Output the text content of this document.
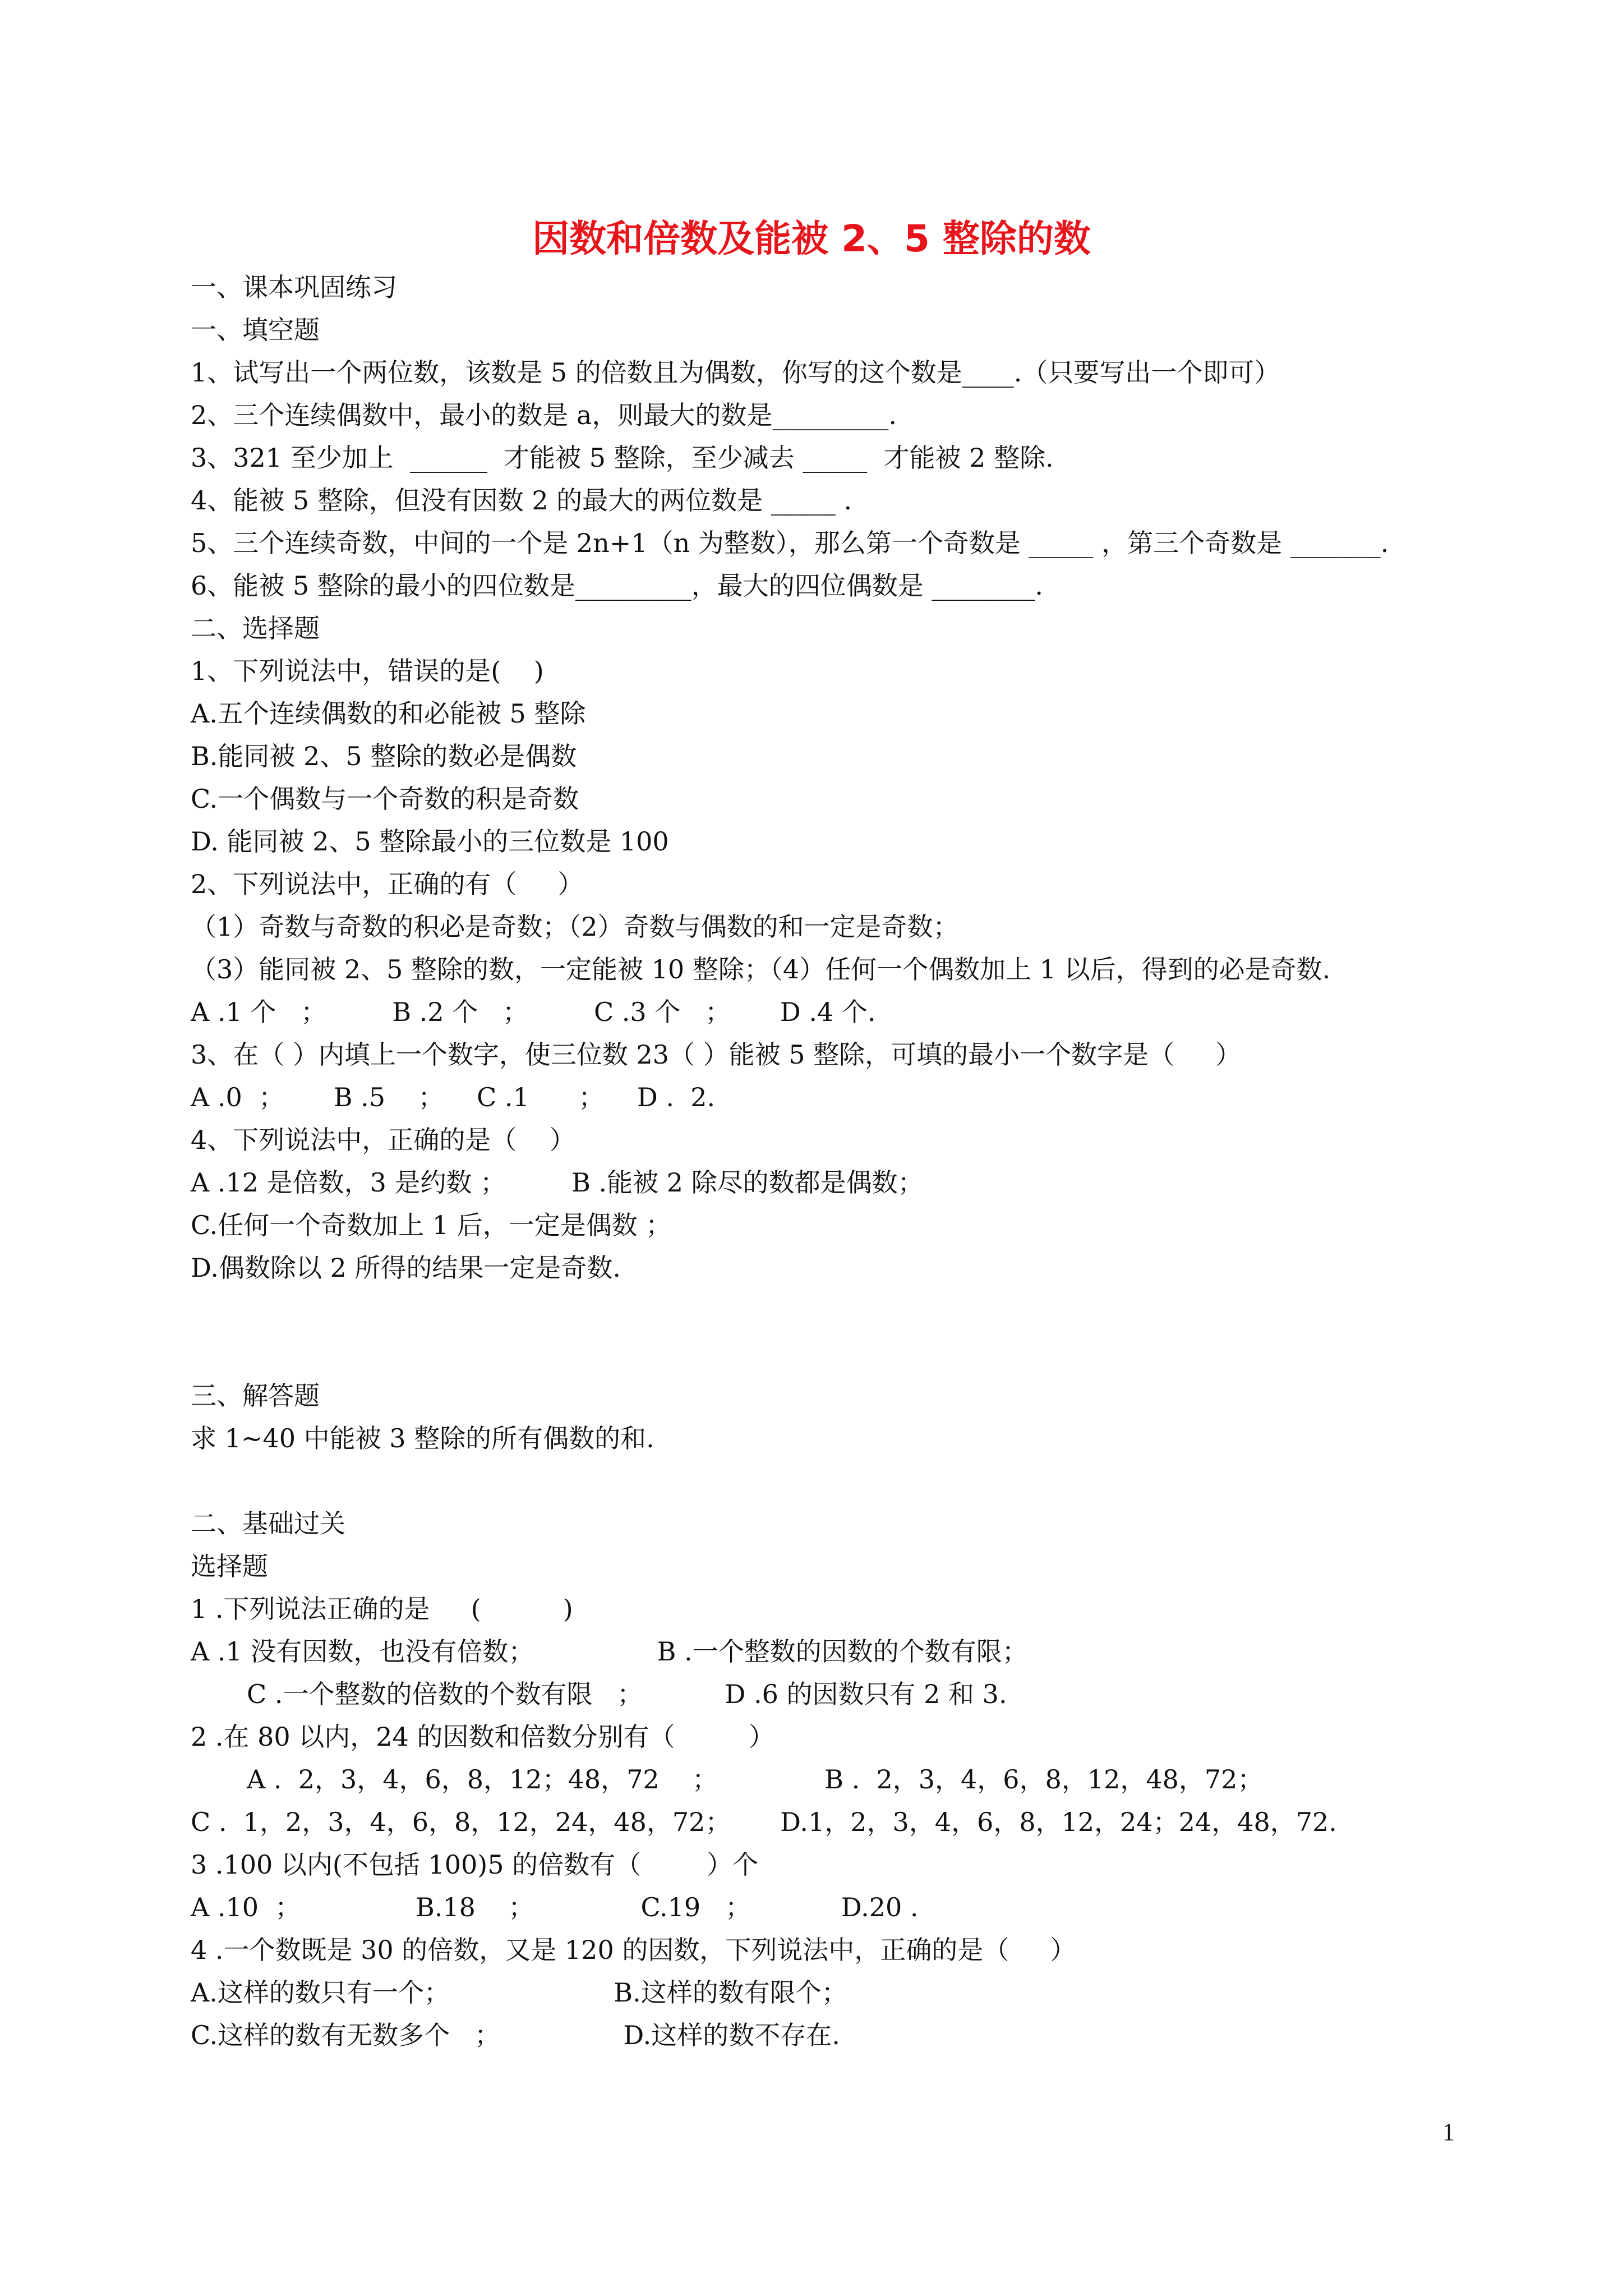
因数和倍数及能被 2、5 整除的数
一、课本巩固练习
一、填空题
1、试写出一个两位数，该数是 5 的倍数且为偶数，你写的这个数是____.（只要写出一个即可）
2、三个连续偶数中，最小的数是 a，则最大的数是_________.
3、321 至少加上  ______  才能被 5 整除，至少减去 _____  才能被 2 整除.
4、能被 5 整除，但没有因数 2 的最大的两位数是 _____ .
5、三个连续奇数，中间的一个是 2n+1（n 为整数），那么第一个奇数是 _____ ，第三个奇数是 _______.
6、能被 5 整除的最小的四位数是_________，最大的四位偶数是 ________.
二、选择题
1、下列说法中，错误的是(    )
A.五个连续偶数的和必能被 5 整除
B.能同被 2、5 整除的数必是偶数
C.一个偶数与一个奇数的积是奇数
D. 能同被 2、5 整除最小的三位数是 100
2、下列说法中，正确的有（     ）
（1）奇数与奇数的积必是奇数；（2）奇数与偶数的和一定是奇数；
（3）能同被 2、5 整除的数，一定能被 10 整除；（4）任何一个偶数加上 1 以后，得到的必是奇数.
A .1 个   ；        B .2 个   ；        C .3 个   ；      D .4 个.
3、在（ ）内填上一个数字，使三位数 23（ ）能被 5 整除，可填的最小一个数字是（     ）
A .0  ；      B .5    ；    C .1      ；    D .  2.
4、下列说法中，正确的是（    ）
A .12 是倍数，3 是约数 ；        B .能被 2 除尽的数都是偶数；
C.任何一个奇数加上 1 后，一定是偶数 ；
D.偶数除以 2 所得的结果一定是奇数.
三、解答题
求 1~40 中能被 3 整除的所有偶数的和.
二、基础过关
选择题
1 .下列说法正确的是     (          )
A .1 没有因数，也没有倍数；               B .一个整数的因数的个数有限；
C .一个整数的倍数的个数有限   ；          D .6 的因数只有 2 和 3.
2 .在 80 以内，24 的因数和倍数分别有（         ）
A .  2，3，4，6，8，12；48，72    ；             B .  2，3，4，6，8，12，48，72；
C .  1，2，3，4，6，8，12，24，48，72；      D.1，2，3，4，6，8，12，24；24，48，72.
3 .100 以内(不包括 100)5 的倍数有（        ）个
A .10  ；              B.18    ；             C.19   ；           D.20 .
4 .一个数既是 30 的倍数，又是 120 的因数，下列说法中，正确的是（     ）
A.这样的数只有一个；                    B.这样的数有限个；
C.这样的数有无数多个   ；               D.这样的数不存在.
1
